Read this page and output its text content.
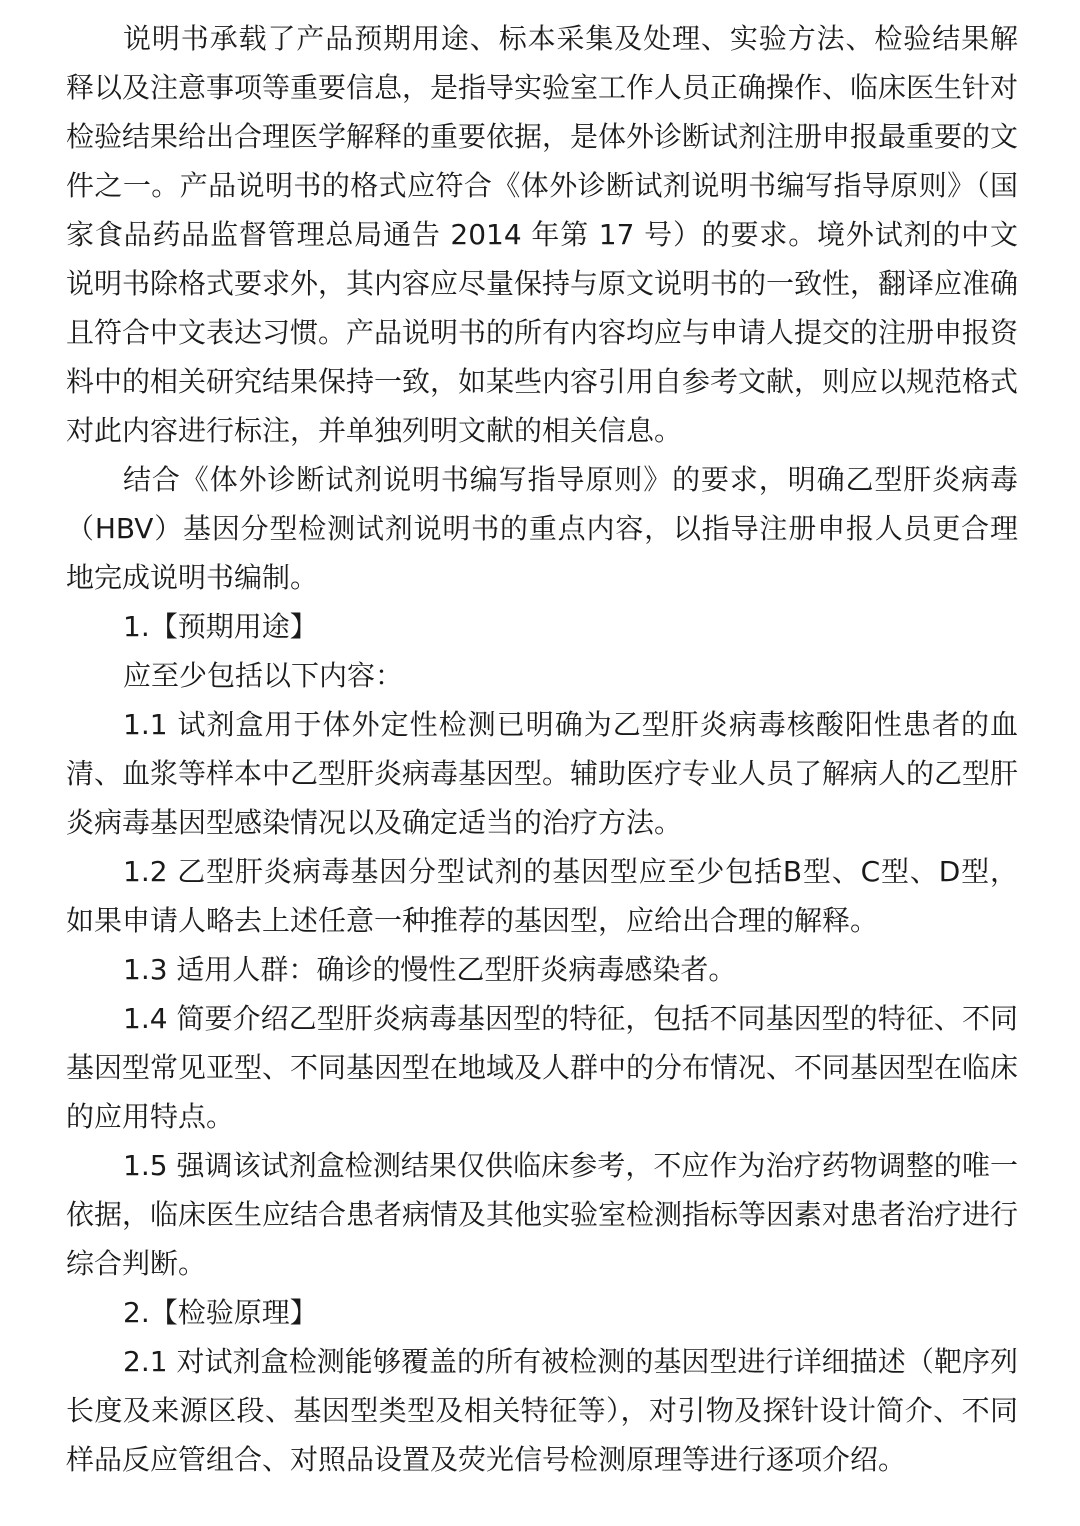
说明书承载了产品预期用途、标本采集及处理、实验方法、检验结果解释以及注意事项等重要信息，是指导实验室工作人员正确操作、临床医生针对检验结果给出合理医学解释的重要依据，是体外诊断试剂注册申报最重要的文件之一。产品说明书的格式应符合《体外诊断试剂说明书编写指导原则》（国家食品药品监督管理总局通告 2014 年第 17 号）的要求。境外试剂的中文说明书除格式要求外，其内容应尽量保持与原文说明书的一致性，翻译应准确且符合中文表达习惯。产品说明书的所有内容均应与申请人提交的注册申报资料中的相关研究结果保持一致，如某些内容引用自参考文献，则应以规范格式对此内容进行标注，并单独列明文献的相关信息。

结合《体外诊断试剂说明书编写指导原则》的要求，明确乙型肝炎病毒（HBV）基因分型检测试剂说明书的重点内容，以指导注册申报人员更合理地完成说明书编制。

1.【预期用途】

应至少包括以下内容：

1.1 试剂盒用于体外定性检测已明确为乙型肝炎病毒核酸阳性患者的血清、血浆等样本中乙型肝炎病毒基因型。辅助医疗专业人员了解病人的乙型肝炎病毒基因型感染情况以及确定适当的治疗方法。

1.2 乙型肝炎病毒基因分型试剂的基因型应至少包括B型、C型、D型，如果申请人略去上述任意一种推荐的基因型，应给出合理的解释。

1.3 适用人群：确诊的慢性乙型肝炎病毒感染者。

1.4 简要介绍乙型肝炎病毒基因型的特征，包括不同基因型的特征、不同基因型常见亚型、不同基因型在地域及人群中的分布情况、不同基因型在临床的应用特点。

1.5 强调该试剂盒检测结果仅供临床参考，不应作为治疗药物调整的唯一依据，临床医生应结合患者病情及其他实验室检测指标等因素对患者治疗进行综合判断。

2.【检验原理】

2.1 对试剂盒检测能够覆盖的所有被检测的基因型进行详细描述（靶序列长度及来源区段、基因型类型及相关特征等），对引物及探针设计简介、不同样品反应管组合、对照品设置及荧光信号检测原理等进行逐项介绍。
